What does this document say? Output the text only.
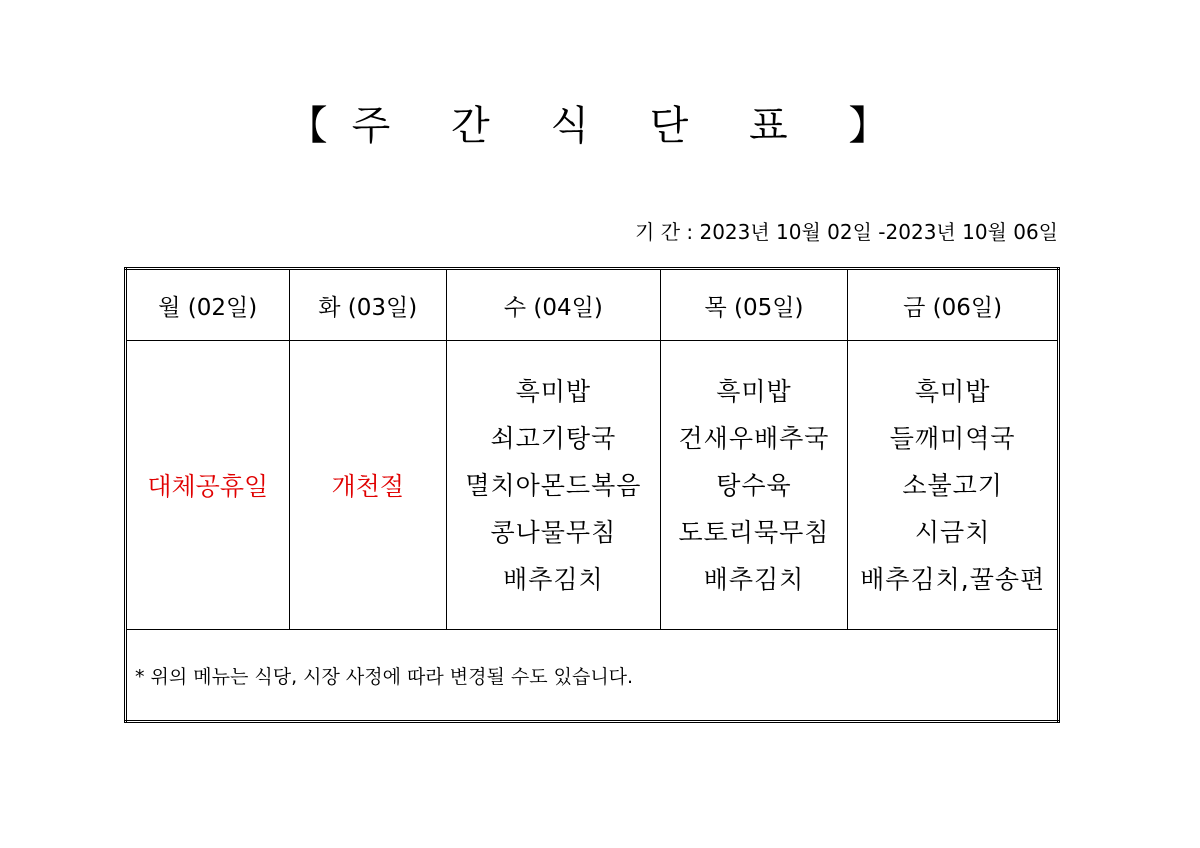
【주 간 식 단 표 】
기 간 : 2023년 10월 02일 -2023년 10월 06일
월 (02일)	화 (03일)	수 (04일)	목 (05일)	금 (06일)
대체공휴일	개천절	흑미밥
쇠고기탕국
멸치아몬드복음
콩나물무침
배추김치	흑미밥
건새우배추국
탕수육
도토리묵무침
배추김치	흑미밥
들깨미역국
소불고기
시금치
배추김치,꿀송편

* 위의 메뉴는 식당, 시장 사정에 따라 변경될 수도 있습니다.				
